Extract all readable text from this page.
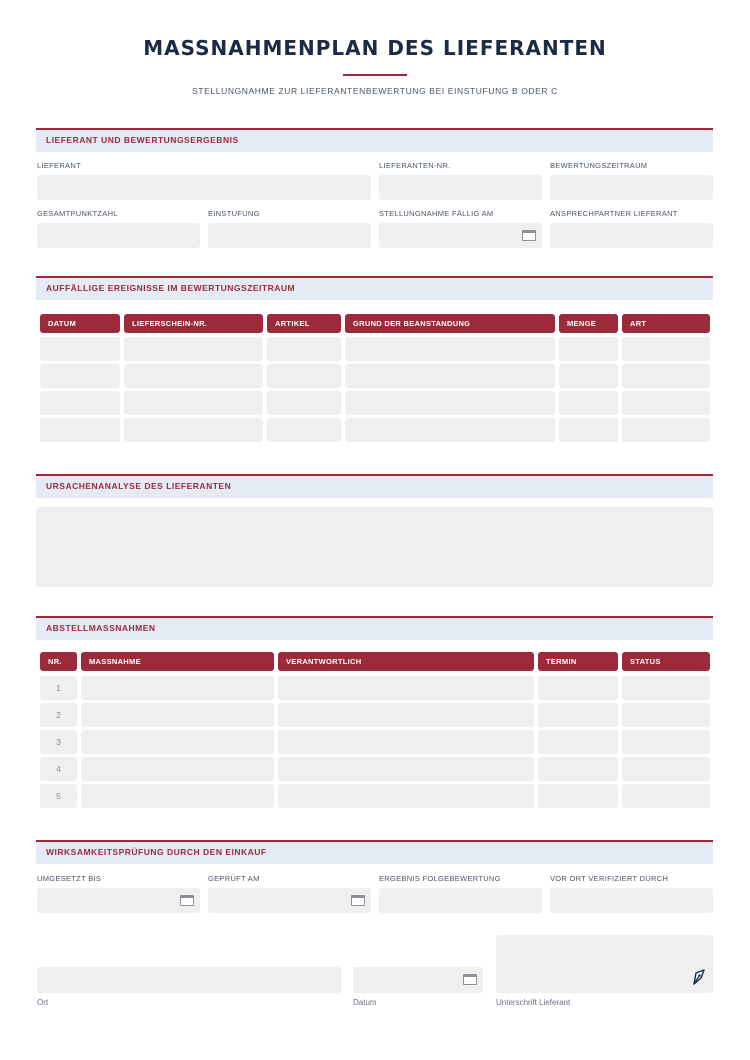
MASSNAHMENPLAN DES LIEFERANTEN
STELLUNGNAHME ZUR LIEFERANTENBEWERTUNG BEI EINSTUFUNG B ODER C
LIEFERANT UND BEWERTUNGSERGEBNIS
LIEFERANT	LIEFERANTEN-NR.	BEWERTUNGSZEITRAUM
GESAMTPUNKTZAHL	EINSTUFUNG	STELLUNGNAHME FÄLLIG AM	ANSPRECHPARTNER LIEFERANT
AUFFÄLLIGE EREIGNISSE IM BEWERTUNGSZEITRAUM
DATUM	LIEFERSCHEIN-NR.	ARTIKEL	GRUND DER BEANSTANDUNG	MENGE	ART
URSACHENANALYSE DES LIEFERANTEN
ABSTELLMASSNAHMEN
NR.	MASSNAHME	VERANTWORTLICH	TERMIN	STATUS
1
2
3
4
5
WIRKSAMKEITSPRÜFUNG DURCH DEN EINKAUF
UMGESETZT BIS	GEPRÜFT AM	ERGEBNIS FOLGEBEWERTUNG	VOR ORT VERIFIZIERT DURCH
Ort	Datum	Unterschrift Lieferant
